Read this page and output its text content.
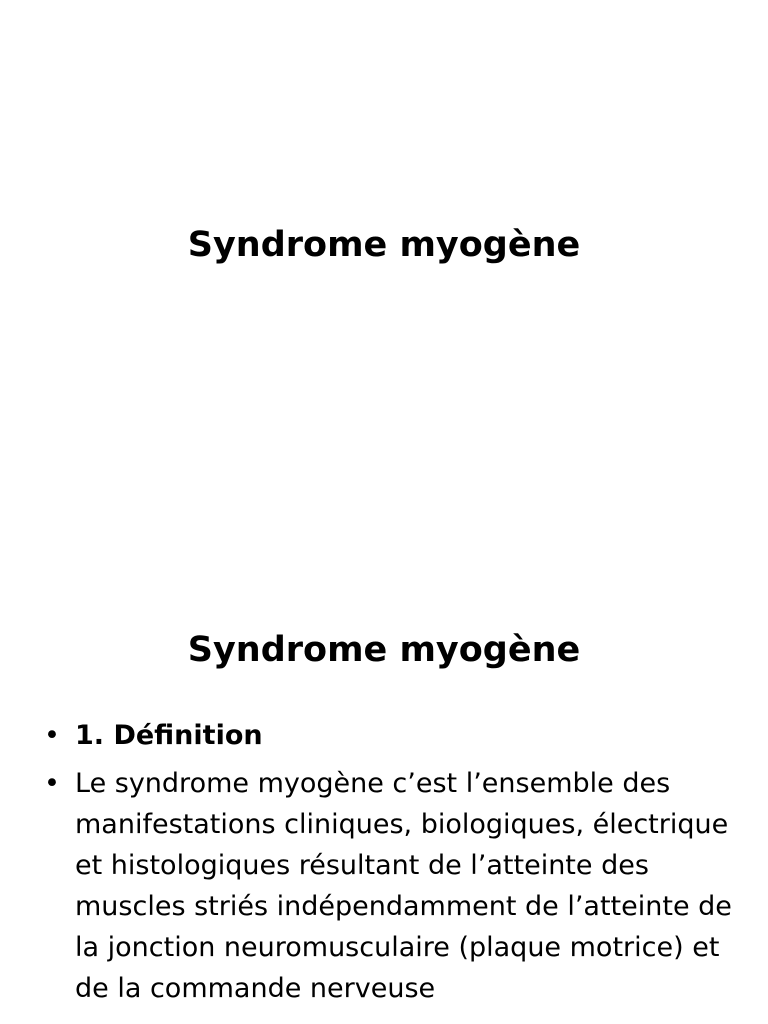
Syndrome myogène
Syndrome myogène
• 1. Définition
• Le syndrome myogène c’est l’ensemble des manifestations cliniques, biologiques, électrique et histologiques résultant de l’atteinte des muscles striés indépendamment de l’atteinte de la jonction neuromusculaire (plaque motrice) et de la commande nerveuse
